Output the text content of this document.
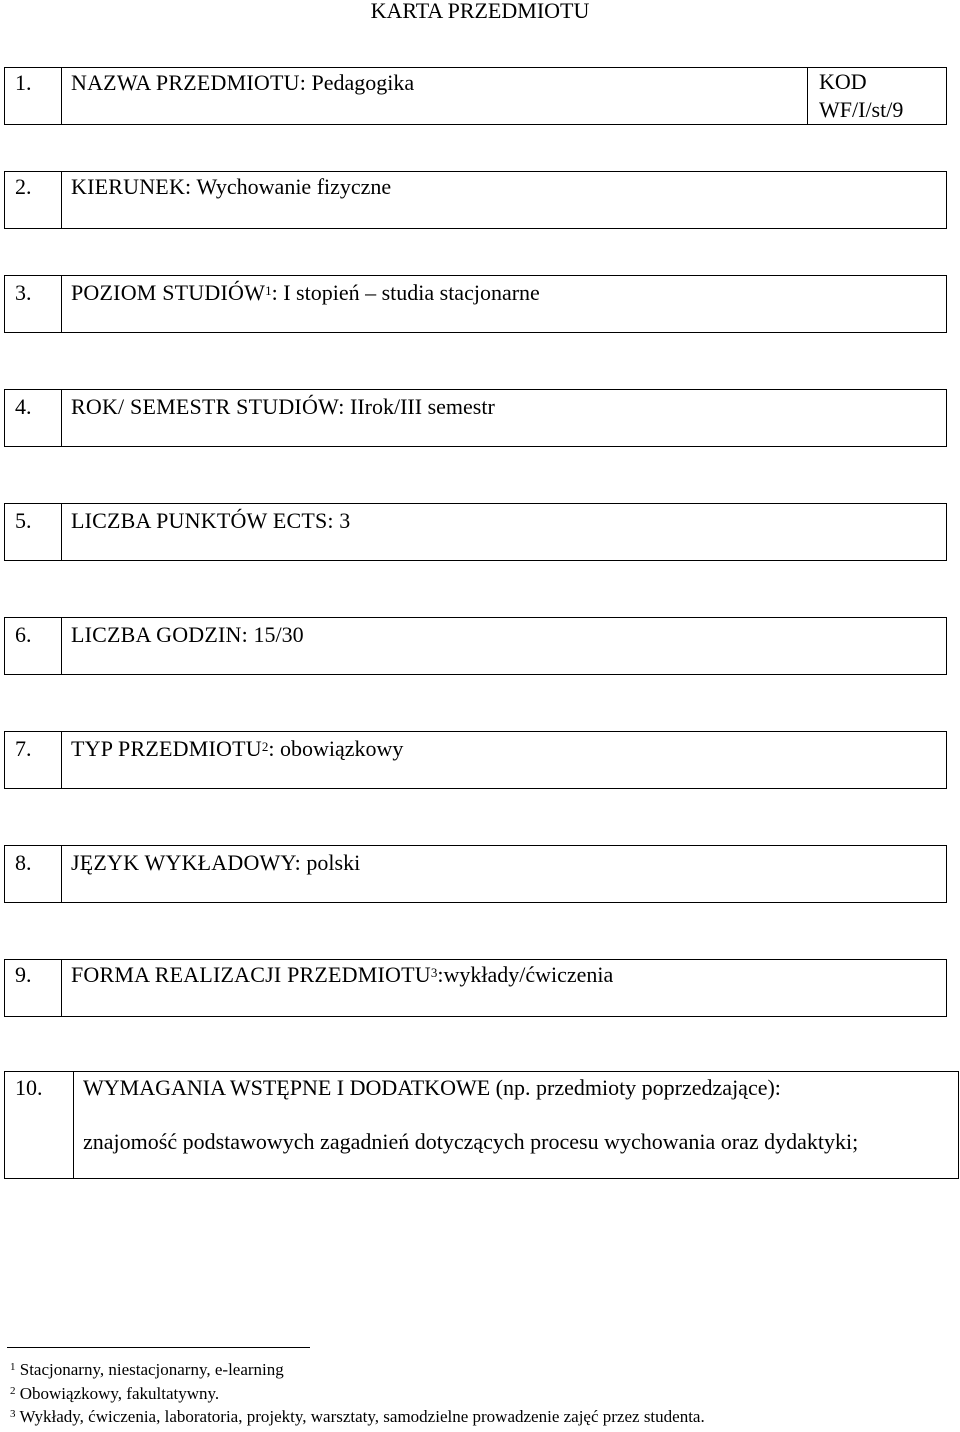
KARTA PRZEDMIOTU
1. NAZWA PRZEDMIOTU: Pedagogika	KOD
WF/I/st/9
2. KIERUNEK: Wychowanie fizyczne
3. POZIOM STUDIÓW$^1$: I stopień – studia stacjonarne
4. ROK/ SEMESTR STUDIÓW: IIrok/III semestr
5. LICZBA PUNKTÓW ECTS: 3
6. LICZBA GODZIN: 15/30
7. TYP PRZEDMIOTU$^2$: obowiązkowy
8. JĘZYK WYKŁADOWY: polski
9. FORMA REALIZACJI PRZEDMIOTU$^3$:wykłady/ćwiczenia
10. WYMAGANIA WSTĘPNE I DODATKOWE (np. przedmioty poprzedzające):
znajomość podstawowych zagadnień dotyczących procesu wychowania oraz dydaktyki;
$^1$ Stacjonarny, niestacjonarny, e-learning
$^2$ Obowiązkowy, fakultatywny.
$^3$ Wykłady, ćwiczenia, laboratoria, projekty, warsztaty, samodzielne prowadzenie zajęć przez studenta.
